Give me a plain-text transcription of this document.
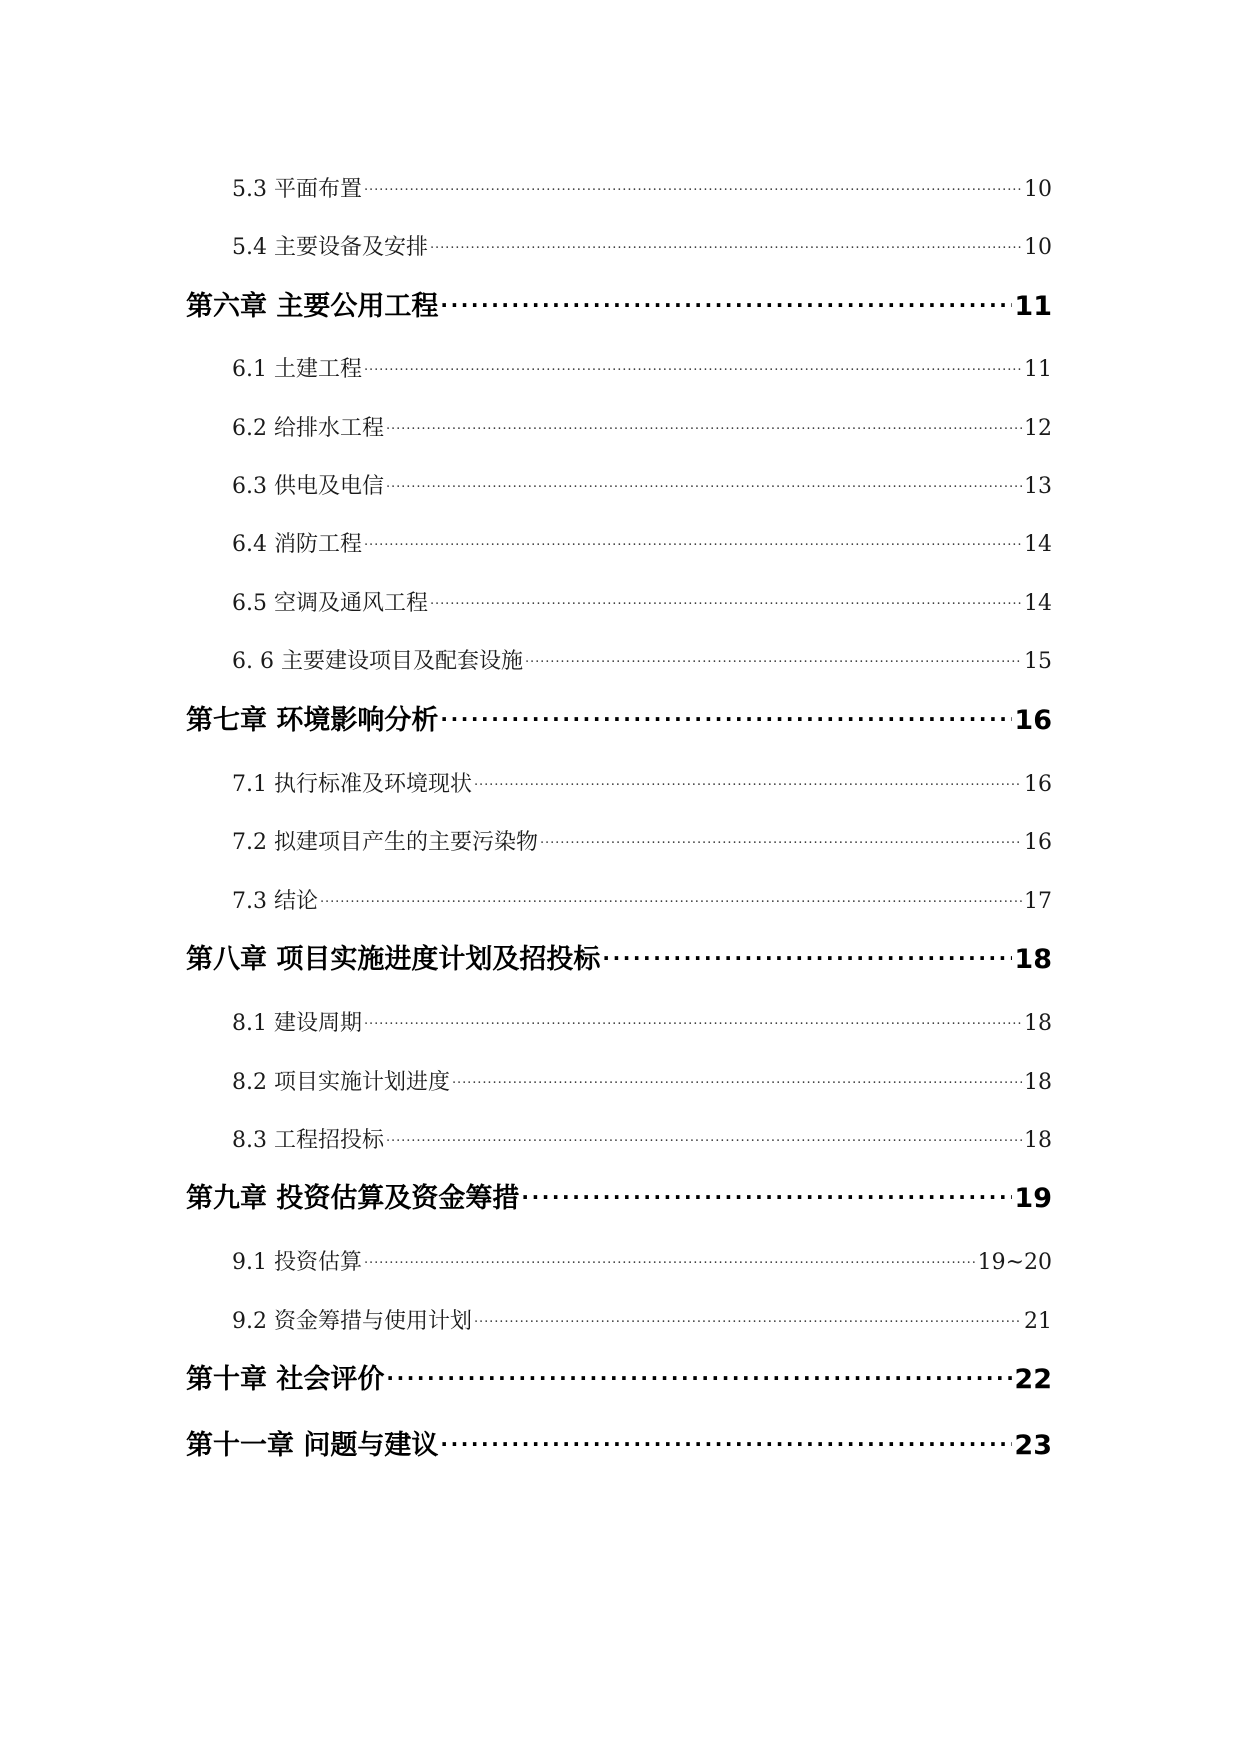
5.3 平面布置 . . .	10
5.4 主要设备及安排 . . .	10
第六章 主要公用工程 . . .	11
6.1 土建工程 . . .	11
6.2 给排水工程 . . .	12
6.3 供电及电信 . . .	13
6.4 消防工程 . . .	14
6.5 空调及通风工程 . . .	14
6. 6 主要建设项目及配套设施 . . .	15
第七章 环境影响分析 . . .	16
7.1 执行标准及环境现状 . . .	16
7.2 拟建项目产生的主要污染物 . . .	16
7.3 结论 . . .	17
第八章 项目实施进度计划及招投标 . . .	18
8.1 建设周期 . . .	18
8.2 项目实施计划进度 . . .	18
8.3 工程招投标 . . .	18
第九章 投资估算及资金筹措 . . .	19
9.1 投资估算 . . .	19~20
9.2 资金筹措与使用计划 . . .	21
第十章 社会评价 . . .	22
第十一章 问题与建议 . . .	23
